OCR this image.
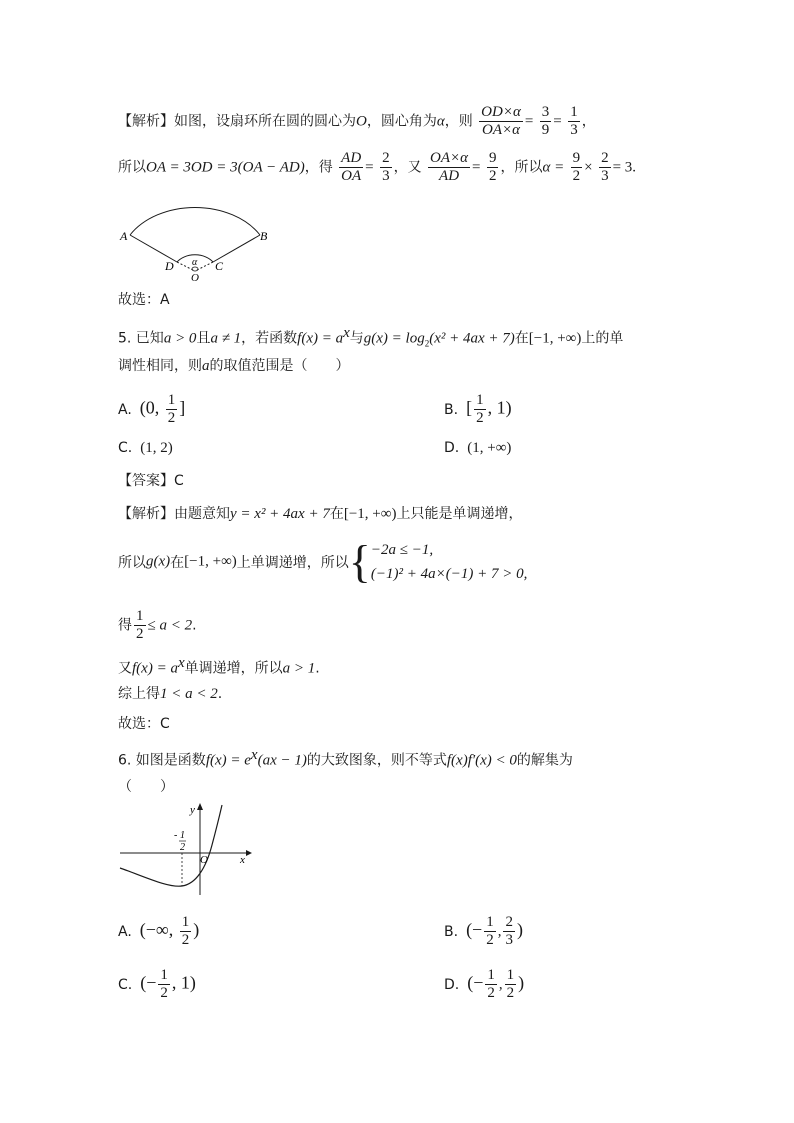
【解析】如图，设扇环所在圆的圆心为O，圆心角为α，则 $\frac{OD\times\alpha}{OA\times\alpha} = \frac{3}{9} = \frac{1}{3}$ ，
所以OA = 3OD = 3(OA − AD)，得 $\frac{AD}{OA} = \frac{2}{3}$ ，又 $\frac{OA\times\alpha}{AD} = \frac{9}{2}$ ，所以$\alpha = \frac{9}{2} \times \frac{2}{3} = 3$.
A	B
D	C
O
α
故选：A
5. 已知a > 0且a ≠ 1，若函数$f(x) = a^x$与$g(x) = \log_2(x^2 + 4ax + 7)$在[−1, +∞)上的单
调性相同，则a的取值范围是（　　）
A. (0, $\frac{1}{2}$ ]	B. [ $\frac{1}{2}$ , 1)
C. (1, 2)	D. (1, +∞)
【答案】C
【解析】由题意知y = x² + 4ax + 7在[−1, +∞)上只能是单调递增，
所以g(x)在[−1, +∞)上单调递增，所以{ −2a ≤ −1,
(−1)² + 4a×(−1) + 7 > 0,
得 $\frac{1}{2} \le a < 2$.
又$f(x) = a^x$单调递增，所以a > 1.
综上得1 < a < 2.
故选：C
6. 如图是函数$f(x) = e^x(ax - 1)$的大致图象，则不等式f(x)f′(x) < 0的解集为
（　　）
y
x
O
- 1
2
A. (−∞, $\frac{1}{2}$ )	B. (− $\frac{1}{2}$ , $\frac{2}{3}$ )
C. (− $\frac{1}{2}$ , 1)	D. (− $\frac{1}{2}$ , $\frac{1}{2}$ )
